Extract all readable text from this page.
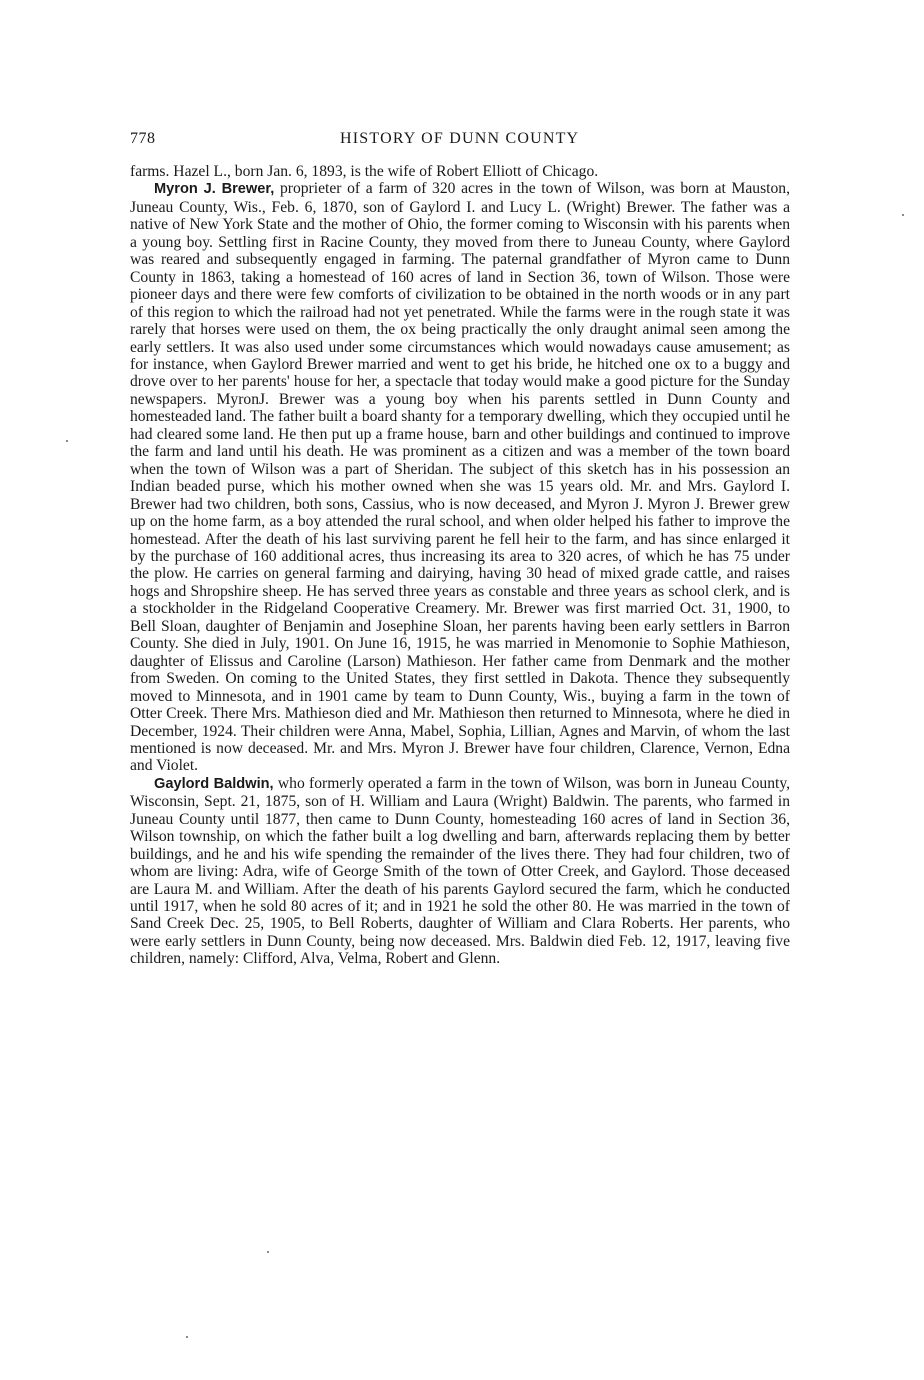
778	HISTORY OF DUNN COUNTY

farms. Hazel L., born Jan. 6, 1893, is the wife of Robert Elliott of Chicago.

Myron J. Brewer, proprieter of a farm of 320 acres in the town of Wilson, was born at Mauston, Juneau County, Wis., Feb. 6, 1870, son of Gaylord I. and Lucy L. (Wright) Brewer. The father was a native of New York State and the mother of Ohio, the former coming to Wisconsin with his parents when a young boy. Settling first in Racine County, they moved from there to Juneau County, where Gaylord was reared and subsequently engaged in farming. The paternal grandfather of Myron came to Dunn County in 1863, taking a homestead of 160 acres of land in Section 36, town of Wilson. Those were pioneer days and there were few comforts of civilization to be obtained in the north woods or in any part of this region to which the railroad had not yet penetrated. While the farms were in the rough state it was rarely that horses were used on them, the ox being practically the only draught animal seen among the early settlers. It was also used under some circumstances which would nowadays cause amusement; as for instance, when Gaylord Brewer married and went to get his bride, he hitched one ox to a buggy and drove over to her parents' house for her, a spectacle that today would make a good picture for the Sunday newspapers. MyronJ. Brewer was a young boy when his parents settled in Dunn County and homesteaded land. The father built a board shanty for a temporary dwelling, which they occupied until he had cleared some land. He then put up a frame house, barn and other buildings and continued to improve the farm and land until his death. He was prominent as a citizen and was a member of the town board when the town of Wilson was a part of Sheridan. The subject of this sketch has in his possession an Indian beaded purse, which his mother owned when she was 15 years old. Mr. and Mrs. Gaylord I. Brewer had two children, both sons, Cassius, who is now deceased, and Myron J. Myron J. Brewer grew up on the home farm, as a boy attended the rural school, and when older helped his father to improve the homestead. After the death of his last surviving parent he fell heir to the farm, and has since enlarged it by the purchase of 160 additional acres, thus increasing its area to 320 acres, of which he has 75 under the plow. He carries on general farming and dairying, having 30 head of mixed grade cattle, and raises hogs and Shropshire sheep. He has served three years as constable and three years as school clerk, and is a stockholder in the Ridgeland Cooperative Creamery. Mr. Brewer was first married Oct. 31, 1900, to Bell Sloan, daughter of Benjamin and Josephine Sloan, her parents having been early settlers in Barron County. She died in July, 1901. On June 16, 1915, he was married in Menomonie to Sophie Mathieson, daughter of Elissus and Caroline (Larson) Mathieson. Her father came from Denmark and the mother from Sweden. On coming to the United States, they first settled in Dakota. Thence they subsequently moved to Minnesota, and in 1901 came by team to Dunn County, Wis., buying a farm in the town of Otter Creek. There Mrs. Mathieson died and Mr. Mathieson then returned to Minnesota, where he died in December, 1924. Their children were Anna, Mabel, Sophia, Lillian, Agnes and Marvin, of whom the last mentioned is now deceased. Mr. and Mrs. Myron J. Brewer have four children, Clarence, Vernon, Edna and Violet.

Gaylord Baldwin, who formerly operated a farm in the town of Wilson, was born in Juneau County, Wisconsin, Sept. 21, 1875, son of H. William and Laura (Wright) Baldwin. The parents, who farmed in Juneau County until 1877, then came to Dunn County, homesteading 160 acres of land in Section 36, Wilson township, on which the father built a log dwelling and barn, afterwards replacing them by better buildings, and he and his wife spending the remainder of the lives there. They had four children, two of whom are living: Adra, wife of George Smith of the town of Otter Creek, and Gaylord. Those deceased are Laura M. and William. After the death of his parents Gaylord secured the farm, which he conducted until 1917, when he sold 80 acres of it; and in 1921 he sold the other 80. He was married in the town of Sand Creek Dec. 25, 1905, to Bell Roberts, daughter of William and Clara Roberts. Her parents, who were early settlers in Dunn County, being now deceased. Mrs. Baldwin died Feb. 12, 1917, leaving five children, namely: Clifford, Alva, Velma, Robert and Glenn.
